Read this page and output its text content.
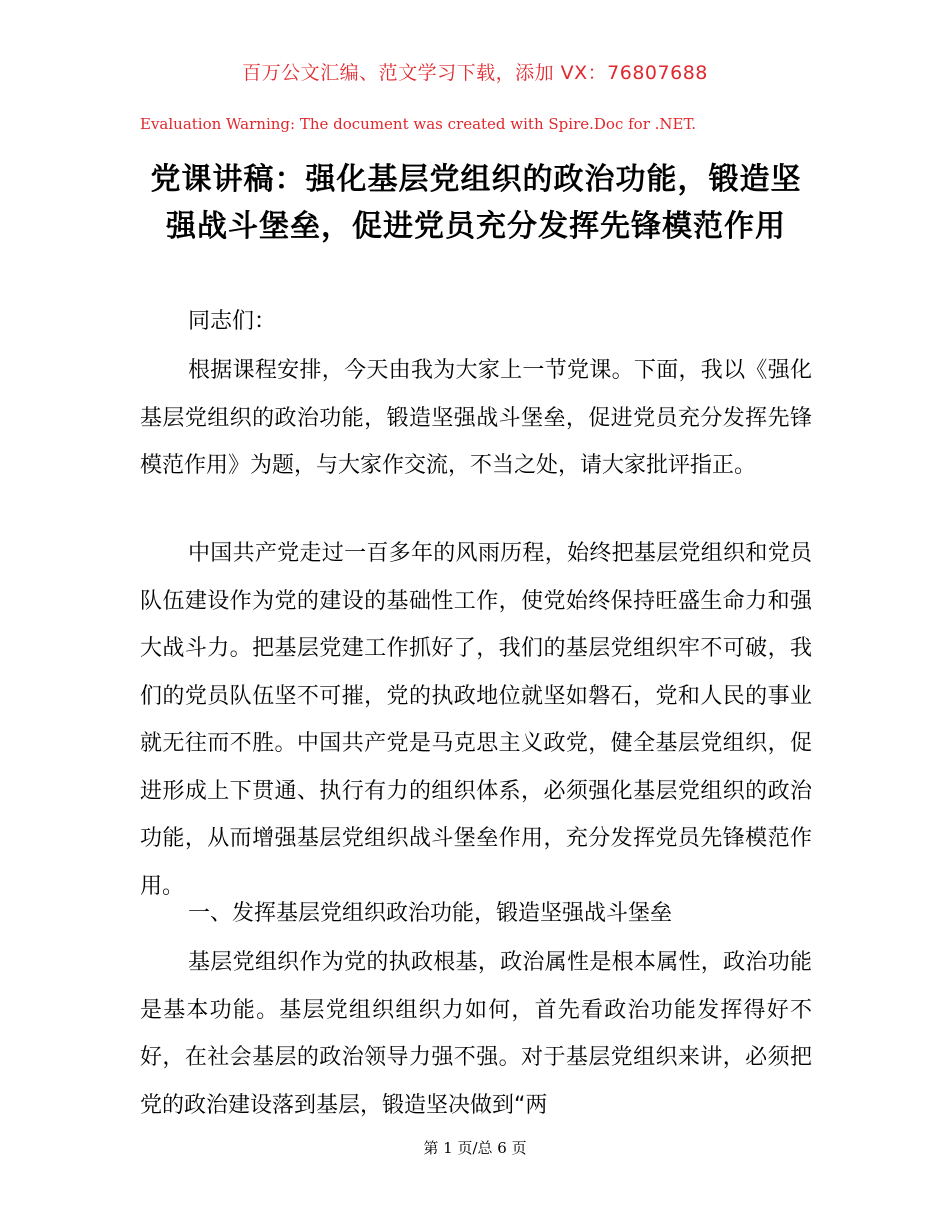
百万公文汇编、范文学习下载，添加 VX：76807688
Evaluation Warning: The document was created with Spire.Doc for .NET.
党课讲稿：强化基层党组织的政治功能，锻造坚强战斗堡垒，促进党员充分发挥先锋模范作用

同志们：

根据课程安排，今天由我为大家上一节党课。下面，我以《强化基层党组织的政治功能，锻造坚强战斗堡垒，促进党员充分发挥先锋模范作用》为题，与大家作交流，不当之处，请大家批评指正。

中国共产党走过一百多年的风雨历程，始终把基层党组织和党员队伍建设作为党的建设的基础性工作，使党始终保持旺盛生命力和强大战斗力。把基层党建工作抓好了，我们的基层党组织牢不可破，我们的党员队伍坚不可摧，党的执政地位就坚如磐石，党和人民的事业就无往而不胜。中国共产党是马克思主义政党，健全基层党组织，促进形成上下贯通、执行有力的组织体系，必须强化基层党组织的政治功能，从而增强基层党组织战斗堡垒作用，充分发挥党员先锋模范作用。

一、发挥基层党组织政治功能，锻造坚强战斗堡垒

基层党组织作为党的执政根基，政治属性是根本属性，政治功能是基本功能。基层党组织组织力如何，首先看政治功能发挥得好不好，在社会基层的政治领导力强不强。对于基层党组织来讲，必须把党的政治建设落到基层，锻造坚决做到“两

第 1 页/总 6 页
